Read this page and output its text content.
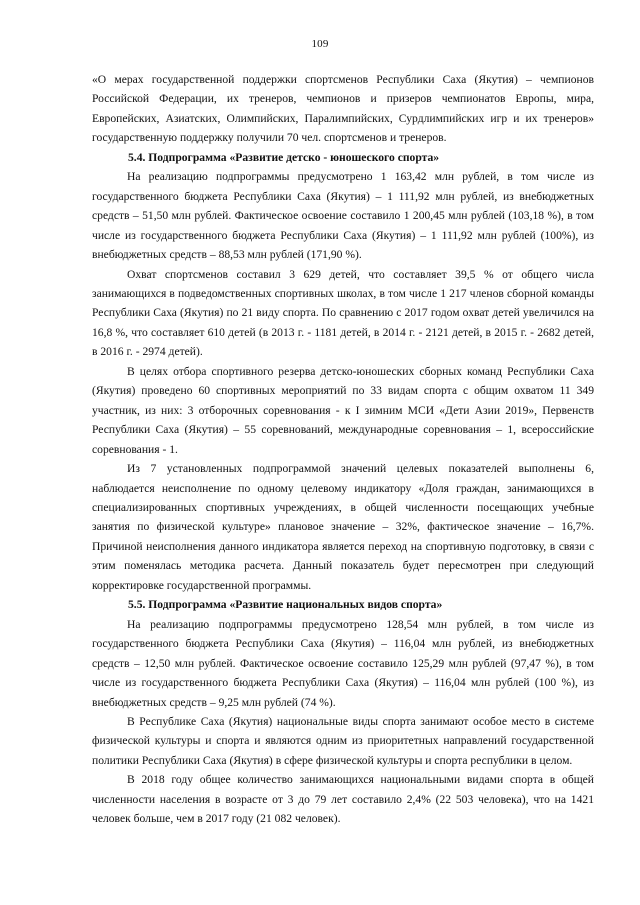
109

«О мерах государственной поддержки спортсменов Республики Саха (Якутия) – чемпионов Российской Федерации, их тренеров, чемпионов и призеров чемпионатов Европы, мира, Европейских, Азиатских, Олимпийских, Паралимпийских, Сурдлимпийских игр и их тренеров» государственную поддержку получили 70 чел. спортсменов и тренеров.

5.4. Подпрограмма «Развитие детско - юношеского спорта»

На реализацию подпрограммы предусмотрено 1 163,42 млн рублей, в том числе из государственного бюджета Республики Саха (Якутия) – 1 111,92 млн рублей, из внебюджетных средств – 51,50 млн рублей. Фактическое освоение составило 1 200,45 млн рублей (103,18 %), в том числе из государственного бюджета Республики Саха (Якутия) – 1 111,92 млн рублей (100%), из внебюджетных средств – 88,53 млн рублей (171,90 %).

Охват спортсменов составил 3 629 детей, что составляет 39,5 % от общего числа занимающихся в подведомственных спортивных школах, в том числе 1 217 членов сборной команды Республики Саха (Якутия) по 21 виду спорта. По сравнению с 2017 годом охват детей увеличился на 16,8 %, что составляет 610 детей (в 2013 г. - 1181 детей, в 2014 г. - 2121 детей, в 2015 г. - 2682 детей, в 2016 г. - 2974 детей).

В целях отбора спортивного резерва детско-юношеских сборных команд Республики Саха (Якутия) проведено 60 спортивных мероприятий по 33 видам спорта с общим охватом 11 349 участник, из них: 3 отборочных соревнования - к I зимним МСИ «Дети Азии 2019», Первенств Республики Саха (Якутия) – 55 соревнований, международные соревнования – 1, всероссийские соревнования - 1.

Из 7 установленных подпрограммой значений целевых показателей выполнены 6, наблюдается неисполнение по одному целевому индикатору «Доля граждан, занимающихся в специализированных спортивных учреждениях, в общей численности посещающих учебные занятия по физической культуре» плановое значение – 32%, фактическое значение – 16,7%. Причиной неисполнения данного индикатора является переход на спортивную подготовку, в связи с этим поменялась методика расчета. Данный показатель будет пересмотрен при следующий корректировке государственной программы.

5.5. Подпрограмма «Развитие национальных видов спорта»

На реализацию подпрограммы предусмотрено 128,54 млн рублей, в том числе из государственного бюджета Республики Саха (Якутия) – 116,04 млн рублей, из внебюджетных средств – 12,50 млн рублей. Фактическое освоение составило 125,29 млн рублей (97,47 %), в том числе из государственного бюджета Республики Саха (Якутия) – 116,04 млн рублей (100 %), из внебюджетных средств – 9,25 млн рублей (74 %).

В Республике Саха (Якутия) национальные виды спорта занимают особое место в системе физической культуры и спорта и являются одним из приоритетных направлений государственной политики Республики Саха (Якутия) в сфере физической культуры и спорта республики в целом.

В 2018 году общее количество занимающихся национальными видами спорта в общей численности населения в возрасте от 3 до 79 лет составило 2,4% (22 503 человека), что на 1421 человек больше, чем в 2017 году (21 082 человек).
